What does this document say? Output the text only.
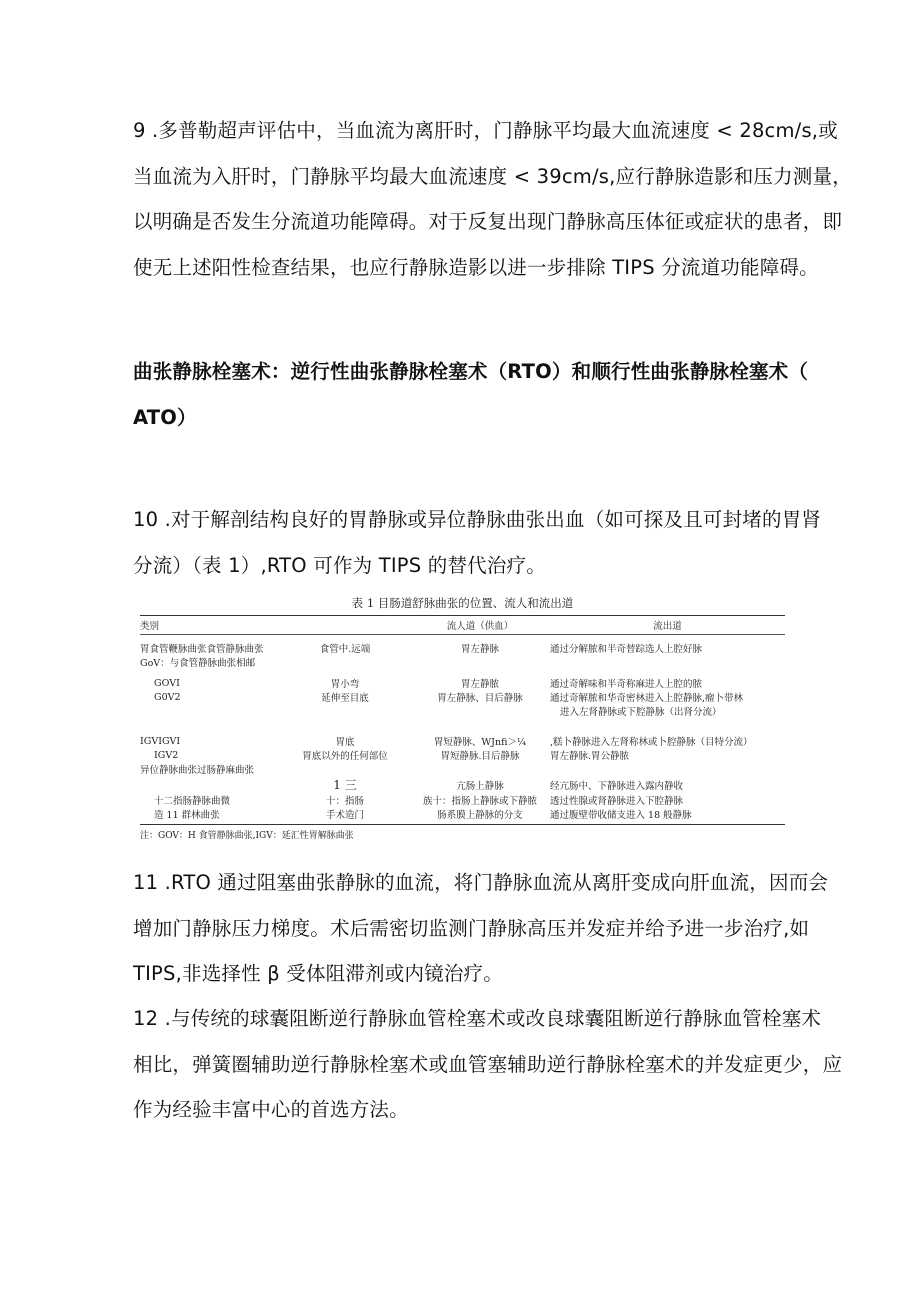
9 .多普勒超声评估中，当血流为离肝时，门静脉平均最大血流速度 < 28cm/s,或
当血流为入肝时，门静脉平均最大血流速度 < 39cm/s,应行静脉造影和压力测量，
以明确是否发生分流道功能障碍。对于反复出现门静脉高压体征或症状的患者，即
使无上述阳性检查结果，也应行静脉造影以进一步排除 TIPS 分流道功能障碍。
曲张静脉栓塞术：逆行性曲张静脉栓塞术（RTO）和顺行性曲张静脉栓塞术（
ATO）
10 .对于解剖结构良好的胃静脉或异位静脉曲张出血（如可探及且可封堵的胃肾
分流）（表 1）,RTO 可作为 TIPS 的替代治疗。
表 1 目肠道舒脉曲张的位置、流人和流出道
类别		流人道（供血）	流出道
胃食管鞭脉曲张食管静脉曲张	食管中.远端	胃左静脉	通过分解脓和半奇替踪选人上腔好脉
GoV：与食管静脉曲张相邮			

GOVI	胃小弯	胃左静脓	通过奇解味和半奇称麻进人上腔的脓
G0V2	延伸至目底	胃左静脉、目后静脉	通过奇解脓和华奇密林进入上腔静脉,瘤卜带林
			进入左肾静脉或下腔静脉（岀肾分流）

IGVIGVI	胃底	胃短静脉、WJnfi＞¼	,糕卜静脉进入左肾称林或卜腔静脉（目特分流）
IGV2	胃底以外的任何部位	胃短静脉.目后静脉	胃左静脉.胃公静脓
异位静脉曲张过肠静麻曲张			
	1 三	亢肠上静脉	经亢肠中、下静脉进入露内静收
十二指肠静脉曲微	十：指肠	族十：指肠上静脉或下静脓	透过性腺或肾静脉进入下腔静脉
造 11 群林曲张	手术造门	肠系膜上静脉的分支	通过腹壁带收储支进入 18 般静脉
注：GOV：H 食管静脉曲张,IGV：延汇性胃解脉曲张
11 .RTO 通过阻塞曲张静脉的血流，将门静脉血流从离肝变成向肝血流，因而会
增加门静脉压力梯度。术后需密切监测门静脉高压并发症并给予进一步治疗,如
TIPS,非选择性 β 受体阻滞剂或内镜治疗。
12 .与传统的球囊阻断逆行静脉血管栓塞术或改良球囊阻断逆行静脉血管栓塞术
相比，弹簧圈辅助逆行静脉栓塞术或血管塞辅助逆行静脉栓塞术的并发症更少，应
作为经验丰富中心的首选方法。
